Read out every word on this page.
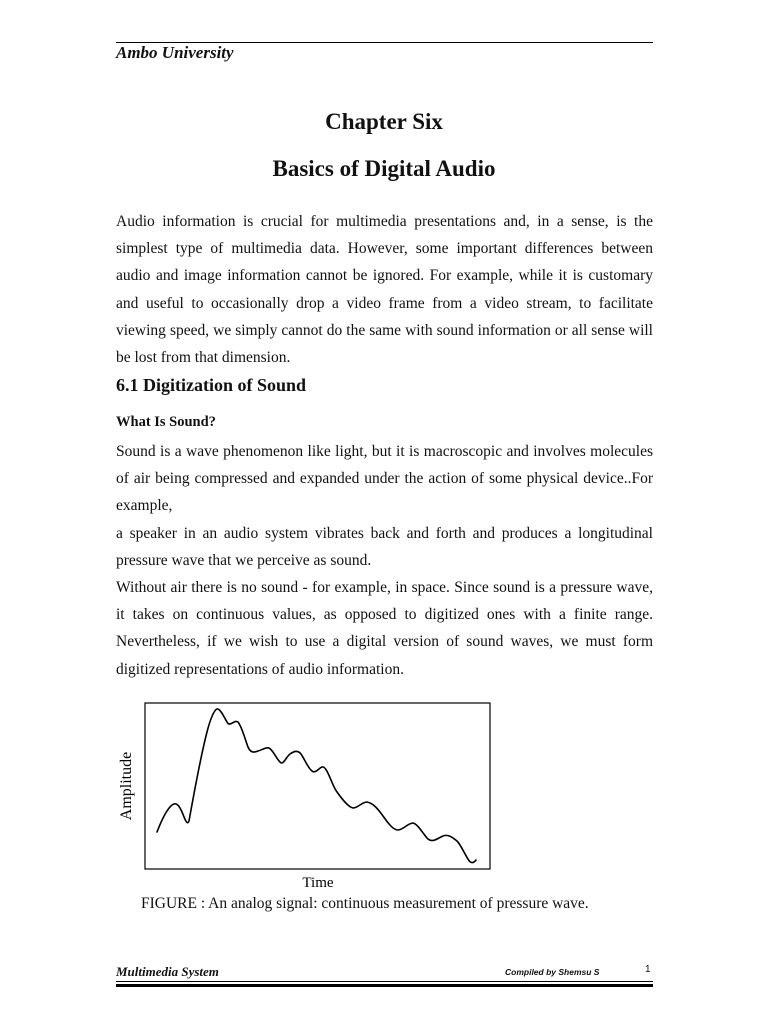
Ambo University
Chapter Six
Basics of Digital Audio

Audio information is crucial for multimedia presentations and, in a sense, is the simplest type of multimedia data. However, some important differences between audio and image information cannot be ignored. For example, while it is customary and useful to occasionally drop a video frame from a video stream, to facilitate viewing speed, we simply cannot do the same with sound information or all sense will be lost from that dimension.

6.1 Digitization of Sound
What Is Sound?

Sound is a wave phenomenon like light, but it is macroscopic and involves molecules of air being compressed and expanded under the action of some physical device..For example,

a speaker in an audio system vibrates back and forth and produces a longitudinal pressure wave that we perceive as sound.

Without air there is no sound - for example, in space. Since sound is a pressure wave, it takes on continuous values, as opposed to digitized ones with a finite range. Nevertheless, if we wish to use a digital version of sound waves, we must form digitized representations of audio information.

Amplitude
Time
FIGURE : An analog signal: continuous measurement of pressure wave.
Multimedia System	Compiled by Shemsu S	1
